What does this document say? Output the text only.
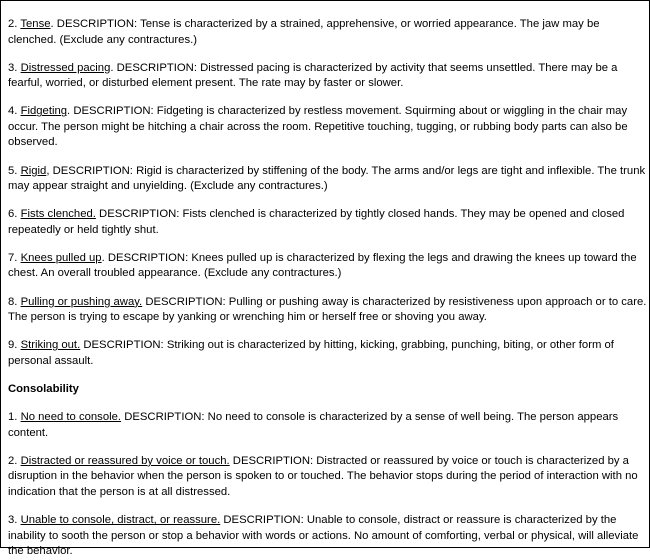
2. Tense. DESCRIPTION: Tense is characterized by a strained, apprehensive, or worried appearance. The jaw may be clenched. (Exclude any contractures.)

3. Distressed pacing. DESCRIPTION: Distressed pacing is characterized by activity that seems unsettled. There may be a fearful, worried, or disturbed element present. The rate may by faster or slower.

4. Fidgeting. DESCRIPTION: Fidgeting is characterized by restless movement. Squirming about or wiggling in the chair may occur. The person might be hitching a chair across the room. Repetitive touching, tugging, or rubbing body parts can also be observed.

5. Rigid, DESCRIPTION: Rigid is characterized by stiffening of the body. The arms and/or legs are tight and inflexible. The trunk may appear straight and unyielding. (Exclude any contractures.)

6. Fists clenched. DESCRIPTION: Fists clenched is characterized by tightly closed hands. They may be opened and closed repeatedly or held tightly shut.

7. Knees pulled up. DESCRIPTION: Knees pulled up is characterized by flexing the legs and drawing the knees up toward the chest. An overall troubled appearance. (Exclude any contractures.)

8. Pulling or pushing away. DESCRIPTION: Pulling or pushing away is characterized by resistiveness upon approach or to care. The person is trying to escape by yanking or wrenching him or herself free or shoving you away.

9. Striking out. DESCRIPTION: Striking out is characterized by hitting, kicking, grabbing, punching, biting, or other form of personal assault.

Consolability

1. No need to console. DESCRIPTION: No need to console is characterized by a sense of well being. The person appears content.

2. Distracted or reassured by voice or touch. DESCRIPTION: Distracted or reassured by voice or touch is characterized by a disruption in the behavior when the person is spoken to or touched. The behavior stops during the period of interaction with no indication that the person is at all distressed.

3. Unable to console, distract, or reassure. DESCRIPTION: Unable to console, distract or reassure is characterized by the inability to sooth the person or stop a behavior with words or actions. No amount of comforting, verbal or physical, will alleviate the behavior.
